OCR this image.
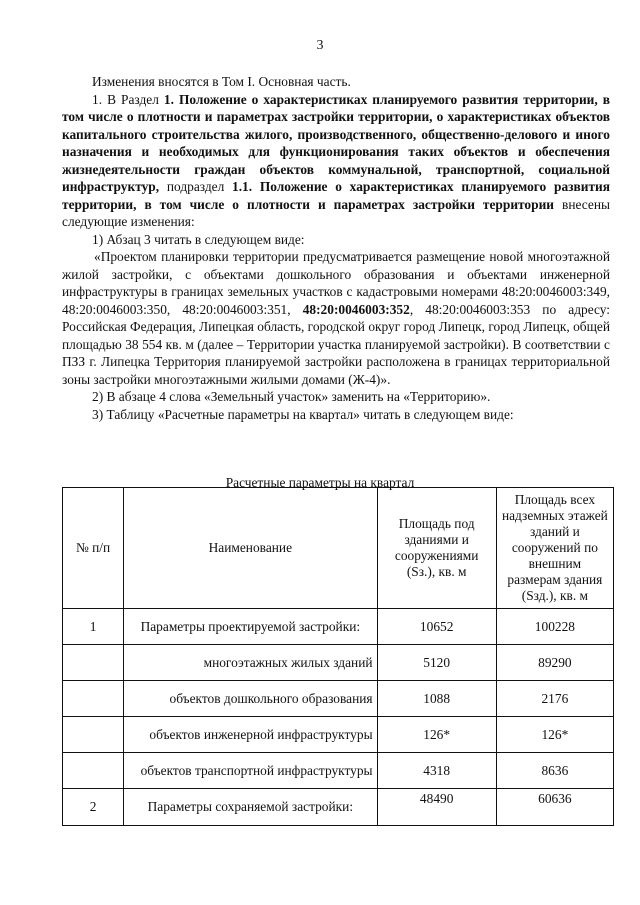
3

Изменения вносятся в Том I. Основная часть.

1. В Раздел 1. Положение о характеристиках планируемого развития территории, в том числе о плотности и параметрах застройки территории, о характеристиках объектов капитального строительства жилого, производственного, общественно-делового и иного назначения и необходимых для функционирования таких объектов и обеспечения жизнедеятельности граждан объектов коммунальной, транспортной, социальной инфраструктур, подраздел 1.1. Положение о характеристиках планируемого развития территории, в том числе о плотности и параметрах застройки территории внесены следующие изменения:

1) Абзац 3 читать в следующем виде:

«Проектом планировки территории предусматривается размещение новой многоэтажной жилой застройки, с объектами дошкольного образования и объектами инженерной инфраструктуры в границах земельных участков с кадастровыми номерами 48:20:0046003:349, 48:20:0046003:350, 48:20:0046003:351, 48:20:0046003:352, 48:20:0046003:353 по адресу: Российская Федерация, Липецкая область, городской округ город Липецк, город Липецк, общей площадью 38 554 кв. м (далее – Территории участка планируемой застройки). В соответствии с ПЗЗ г. Липецка Территория планируемой застройки расположена в границах территориальной зоны застройки многоэтажными жилыми домами (Ж-4)».

2) В абзаце 4 слова «Земельный участок» заменить на «Территорию».

3) Таблицу «Расчетные параметры на квартал» читать в следующем виде:

Расчетные параметры на квартал
№ п/п	Наименование	Площадь под зданиями и сооружениями (Sз.), кв. м	Площадь всех надземных этажей зданий и сооружений по внешним размерам здания (Sзд.), кв. м
1	Параметры проектируемой застройки:	10652	100228
	многоэтажных жилых зданий	5120	89290
	объектов дошкольного образования	1088	2176
	объектов инженерной инфраструктуры	126*	126*
	объектов транспортной инфраструктуры	4318	8636
2	Параметры сохраняемой застройки:	48490	60636
